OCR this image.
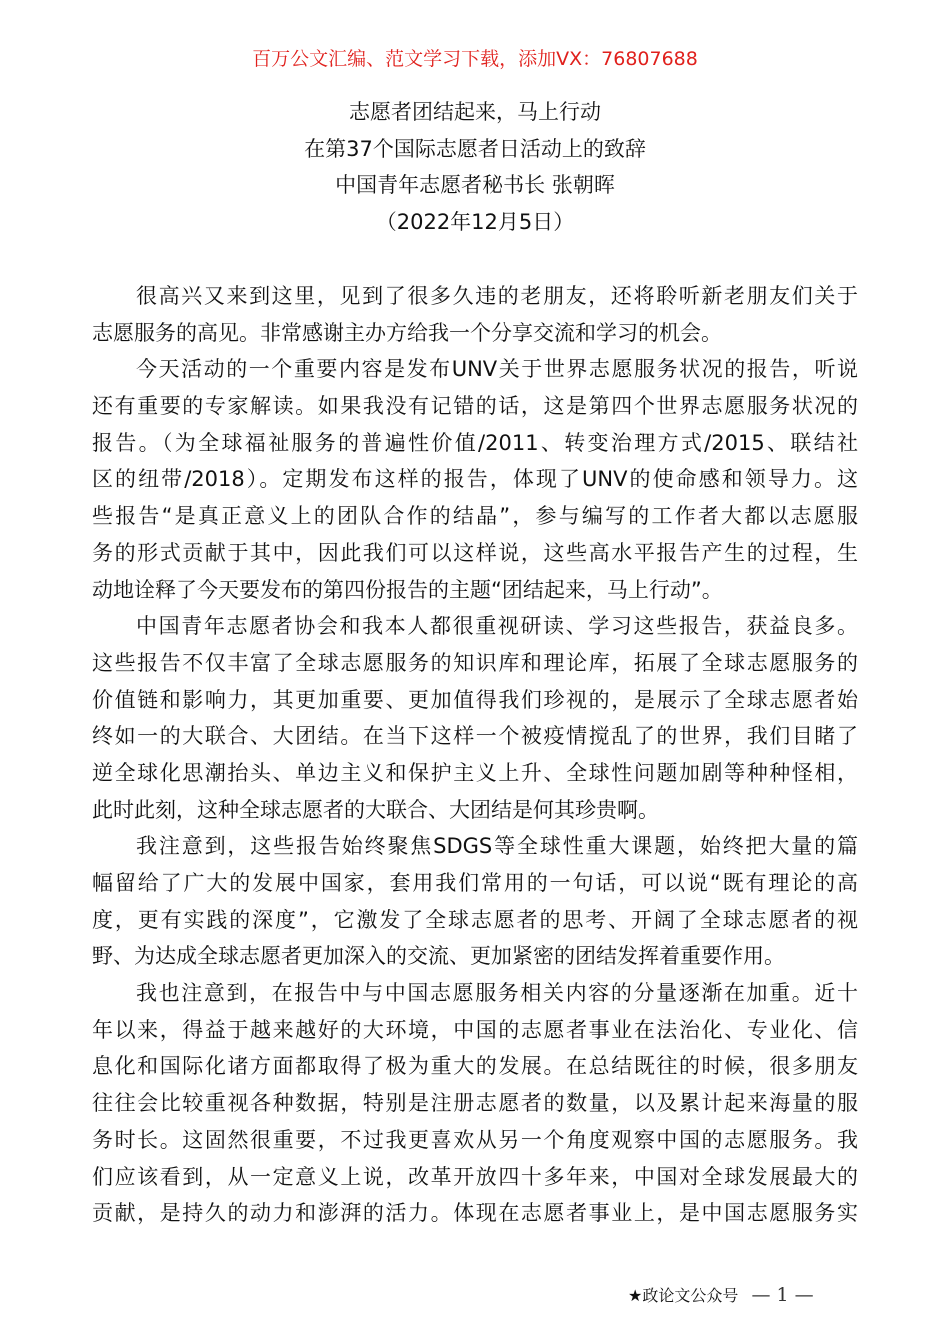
百万公文汇编、范文学习下载，添加VX：76807688
志愿者团结起来，马上行动
在第37个国际志愿者日活动上的致辞
中国青年志愿者秘书长 张朝晖
（2022年12月5日）
很高兴又来到这里，见到了很多久违的老朋友，还将聆听新老朋友们关于
志愿服务的高见。非常感谢主办方给我一个分享交流和学习的机会。
今天活动的一个重要内容是发布UNV关于世界志愿服务状况的报告，听说
还有重要的专家解读。如果我没有记错的话，这是第四个世界志愿服务状况的
报告。（为全球福祉服务的普遍性价值/2011、转变治理方式/2015、联结社
区的纽带/2018）。定期发布这样的报告，体现了UNV的使命感和领导力。这
些报告“是真正意义上的团队合作的结晶”，参与编写的工作者大都以志愿服
务的形式贡献于其中，因此我们可以这样说，这些高水平报告产生的过程，生
动地诠释了今天要发布的第四份报告的主题“团结起来，马上行动”。
中国青年志愿者协会和我本人都很重视研读、学习这些报告，获益良多。
这些报告不仅丰富了全球志愿服务的知识库和理论库，拓展了全球志愿服务的
价值链和影响力，其更加重要、更加值得我们珍视的，是展示了全球志愿者始
终如一的大联合、大团结。在当下这样一个被疫情搅乱了的世界，我们目睹了
逆全球化思潮抬头、单边主义和保护主义上升、全球性问题加剧等种种怪相，
此时此刻，这种全球志愿者的大联合、大团结是何其珍贵啊。
我注意到，这些报告始终聚焦SDGS等全球性重大课题，始终把大量的篇
幅留给了广大的发展中国家，套用我们常用的一句话，可以说“既有理论的高
度，更有实践的深度”，它激发了全球志愿者的思考、开阔了全球志愿者的视
野、为达成全球志愿者更加深入的交流、更加紧密的团结发挥着重要作用。
我也注意到，在报告中与中国志愿服务相关内容的分量逐渐在加重。近十
年以来，得益于越来越好的大环境，中国的志愿者事业在法治化、专业化、信
息化和国际化诸方面都取得了极为重大的发展。在总结既往的时候，很多朋友
往往会比较重视各种数据，特别是注册志愿者的数量，以及累计起来海量的服
务时长。这固然很重要，不过我更喜欢从另一个角度观察中国的志愿服务。我
们应该看到，从一定意义上说，改革开放四十多年来，中国对全球发展最大的
贡献，是持久的动力和澎湃的活力。体现在志愿者事业上，是中国志愿服务实
★政论文公众号 — 1 —
